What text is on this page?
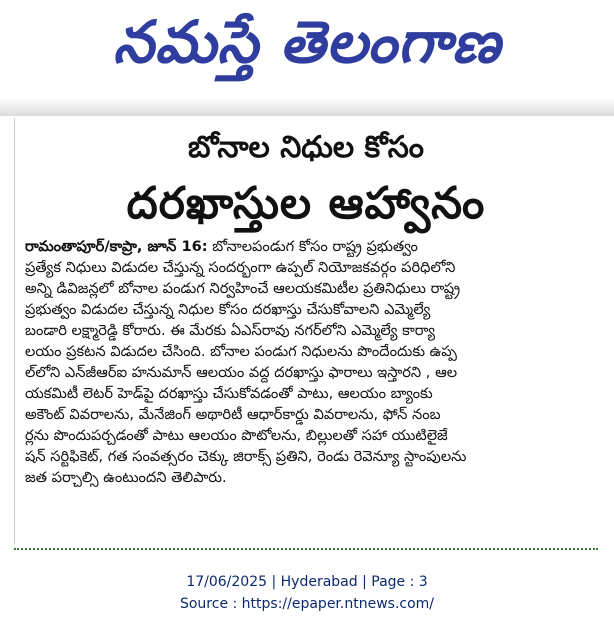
నమస్తే తెలంగాణ
బోనాల నిధుల కోసం
దరఖాస్తుల ఆహ్వానం
రామంతాపూర్/కాప్రా, జూన్ 16: బోనాలపండుగ కోసం రాష్ట్ర ప్రభుత్వం
ప్రత్యేక నిధులు విడుదల చేస్తున్న సందర్భంగా ఉప్పల్ నియోజకవర్గం పరిధిలోని
అన్ని డివిజన్లలో బోనాల పండుగ నిర్వహించే ఆలయకమిటీల ప్రతినిధులు రాష్ట్ర
ప్రభుత్వం విడుదల చేస్తున్న నిధుల కోసం దరఖాస్తు చేసుకోవాలని ఎమ్మెల్యే
బండారి లక్ష్మారెడ్డి కోరారు. ఈ మేరకు ఏఎస్‌రావు నగర్‌లోని ఎమ్మెల్యే కార్యా
లయం ప్రకటన విడుదల చేసింది. బోనాల పండుగ నిధులను పొందేందుకు ఉప్ప
ల్‌లోని ఎన్‌జీఆర్‌ఐ హనుమాన్ ఆలయం వద్ద దరఖాస్తు ఫారాలు ఇస్తారని , ఆల
యకమిటీ లెటర్ హెడ్‌పై దరఖాస్తు చేసుకోవడంతో పాటు, ఆలయం బ్యాంకు
అకౌంట్ వివరాలను, మేనేజింగ్ అథారిటీ ఆధార్‌కార్డు వివరాలను, ఫోన్ నంబ
ర్లను పొందుపర్చడంతో పాటు ఆలయం పొటోలను, బిల్లులతో సహా యుటిలైజే
షన్ సర్టిఫికెట్, గత సంవత్సరం చెక్కు జిరాక్స్ ప్రతిని, రెండు రెవెన్యూ స్టాంపులను
జత పర్చాల్సి ఉంటుందని తెలిపారు.
17/06/2025 | Hyderabad | Page : 3
Source : https://epaper.ntnews.com/
